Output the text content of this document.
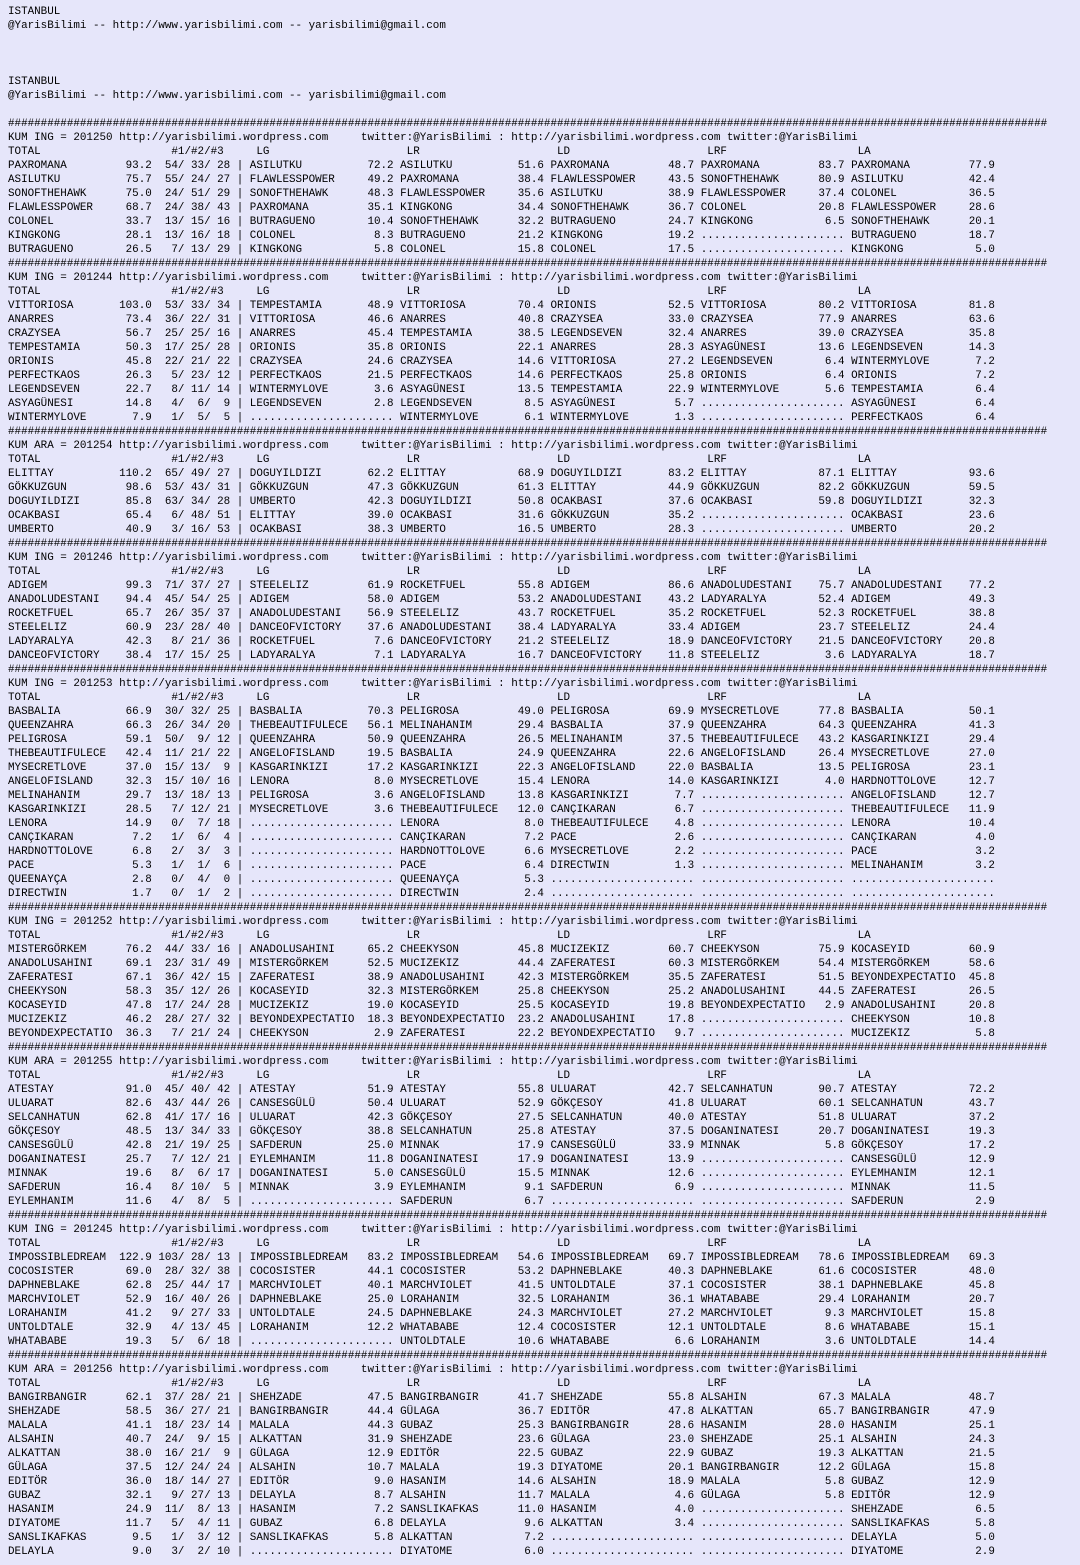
ISTANBUL
@YarisBilimi -- http://www.yarisbilimi.com -- yarisbilimi@gmail.com
ISTANBUL
@YarisBilimi -- http://www.yarisbilimi.com -- yarisbilimi@gmail.com
###############################################################################################################################################################
KUM ING = 201250 http://yarisbilimi.wordpress.com     twitter:@YarisBilimi : http://yarisbilimi.wordpress.com twitter:@YarisBilimi
TOTAL                    #1/#2/#3     LG                     LR                     LD                     LRF                    LA
PAXROMANA         93.2  54/ 33/ 28 | ASILUTKU          72.2 ASILUTKU          51.6 PAXROMANA         48.7 PAXROMANA         83.7 PAXROMANA         77.9
ASILUTKU          75.7  55/ 24/ 27 | FLAWLESSPOWER     49.2 PAXROMANA         38.4 FLAWLESSPOWER     43.5 SONOFTHEHAWK      80.9 ASILUTKU          42.4
SONOFTHEHAWK      75.0  24/ 51/ 29 | SONOFTHEHAWK      48.3 FLAWLESSPOWER     35.6 ASILUTKU          38.9 FLAWLESSPOWER     37.4 COLONEL           36.5
FLAWLESSPOWER     68.7  24/ 38/ 43 | PAXROMANA         35.1 KINGKONG          34.4 SONOFTHEHAWK      36.7 COLONEL           20.8 FLAWLESSPOWER     28.6
COLONEL           33.7  13/ 15/ 16 | BUTRAGUENO        10.4 SONOFTHEHAWK      32.2 BUTRAGUENO        24.7 KINGKONG           6.5 SONOFTHEHAWK      20.1
KINGKONG          28.1  13/ 16/ 18 | COLONEL            8.3 BUTRAGUENO        21.2 KINGKONG          19.2 ...................... BUTRAGUENO        18.7
BUTRAGUENO        26.5   7/ 13/ 29 | KINGKONG           5.8 COLONEL           15.8 COLONEL           17.5 ...................... KINGKONG           5.0
###############################################################################################################################################################
KUM ING = 201244 http://yarisbilimi.wordpress.com     twitter:@YarisBilimi : http://yarisbilimi.wordpress.com twitter:@YarisBilimi
TOTAL                    #1/#2/#3     LG                     LR                     LD                     LRF                    LA
VITTORIOSA       103.0  53/ 33/ 34 | TEMPESTAMIA       48.9 VITTORIOSA        70.4 ORIONIS           52.5 VITTORIOSA        80.2 VITTORIOSA        81.8
ANARRES           73.4  36/ 22/ 31 | VITTORIOSA        46.6 ANARRES           40.8 CRAZYSEA          33.0 CRAZYSEA          77.9 ANARRES           63.6
CRAZYSEA          56.7  25/ 25/ 16 | ANARRES           45.4 TEMPESTAMIA       38.5 LEGENDSEVEN       32.4 ANARRES           39.0 CRAZYSEA          35.8
TEMPESTAMIA       50.3  17/ 25/ 28 | ORIONIS           35.8 ORIONIS           22.1 ANARRES           28.3 ASYAGÜNESI        13.6 LEGENDSEVEN       14.3
ORIONIS           45.8  22/ 21/ 22 | CRAZYSEA          24.6 CRAZYSEA          14.6 VITTORIOSA        27.2 LEGENDSEVEN        6.4 WINTERMYLOVE       7.2
PERFECTKAOS       26.3   5/ 23/ 12 | PERFECTKAOS       21.5 PERFECTKAOS       14.6 PERFECTKAOS       25.8 ORIONIS            6.4 ORIONIS            7.2
LEGENDSEVEN       22.7   8/ 11/ 14 | WINTERMYLOVE       3.6 ASYAGÜNESI        13.5 TEMPESTAMIA       22.9 WINTERMYLOVE       5.6 TEMPESTAMIA        6.4
ASYAGÜNESI        14.8   4/  6/  9 | LEGENDSEVEN        2.8 LEGENDSEVEN        8.5 ASYAGÜNESI         5.7 ...................... ASYAGÜNESI         6.4
WINTERMYLOVE       7.9   1/  5/  5 | ...................... WINTERMYLOVE       6.1 WINTERMYLOVE       1.3 ...................... PERFECTKAOS        6.4
###############################################################################################################################################################
KUM ARA = 201254 http://yarisbilimi.wordpress.com     twitter:@YarisBilimi : http://yarisbilimi.wordpress.com twitter:@YarisBilimi
TOTAL                    #1/#2/#3     LG                     LR                     LD                     LRF                    LA
ELITTAY          110.2  65/ 49/ 27 | DOGUYILDIZI       62.2 ELITTAY           68.9 DOGUYILDIZI       83.2 ELITTAY           87.1 ELITTAY           93.6
GÖKKUZGUN         98.6  53/ 43/ 31 | GÖKKUZGUN         47.3 GÖKKUZGUN         61.3 ELITTAY           44.9 GÖKKUZGUN         82.2 GÖKKUZGUN         59.5
DOGUYILDIZI       85.8  63/ 34/ 28 | UMBERTO           42.3 DOGUYILDIZI       50.8 OCAKBASI          37.6 OCAKBASI          59.8 DOGUYILDIZI       32.3
OCAKBASI          65.4   6/ 48/ 51 | ELITTAY           39.0 OCAKBASI          31.6 GÖKKUZGUN         35.2 ...................... OCAKBASI          23.6
UMBERTO           40.9   3/ 16/ 53 | OCAKBASI          38.3 UMBERTO           16.5 UMBERTO           28.3 ...................... UMBERTO           20.2
###############################################################################################################################################################
KUM ING = 201246 http://yarisbilimi.wordpress.com     twitter:@YarisBilimi : http://yarisbilimi.wordpress.com twitter:@YarisBilimi
TOTAL                    #1/#2/#3     LG                     LR                     LD                     LRF                    LA
ADIGEM            99.3  71/ 37/ 27 | STEELELIZ         61.9 ROCKETFUEL        55.8 ADIGEM            86.6 ANADOLUDESTANI    75.7 ANADOLUDESTANI    77.2
ANADOLUDESTANI    94.4  45/ 54/ 25 | ADIGEM            58.0 ADIGEM            53.2 ANADOLUDESTANI    43.2 LADYARALYA        52.4 ADIGEM            49.3
ROCKETFUEL        65.7  26/ 35/ 37 | ANADOLUDESTANI    56.9 STEELELIZ         43.7 ROCKETFUEL        35.2 ROCKETFUEL        52.3 ROCKETFUEL        38.8
STEELELIZ         60.9  23/ 28/ 40 | DANCEOFVICTORY    37.6 ANADOLUDESTANI    38.4 LADYARALYA        33.4 ADIGEM            23.7 STEELELIZ         24.4
LADYARALYA        42.3   8/ 21/ 36 | ROCKETFUEL         7.6 DANCEOFVICTORY    21.2 STEELELIZ         18.9 DANCEOFVICTORY    21.5 DANCEOFVICTORY    20.8
DANCEOFVICTORY    38.4  17/ 15/ 25 | LADYARALYA         7.1 LADYARALYA        16.7 DANCEOFVICTORY    11.8 STEELELIZ          3.6 LADYARALYA        18.7
###############################################################################################################################################################
KUM ING = 201253 http://yarisbilimi.wordpress.com     twitter:@YarisBilimi : http://yarisbilimi.wordpress.com twitter:@YarisBilimi
TOTAL                    #1/#2/#3     LG                     LR                     LD                     LRF                    LA
BASBALIA          66.9  30/ 32/ 25 | BASBALIA          70.3 PELIGROSA         49.0 PELIGROSA         69.9 MYSECRETLOVE      77.8 BASBALIA          50.1
QUEENZAHRA        66.3  26/ 34/ 20 | THEBEAUTIFULECE   56.1 MELINAHANIM       29.4 BASBALIA          37.9 QUEENZAHRA        64.3 QUEENZAHRA        41.3
PELIGROSA         59.1  50/  9/ 12 | QUEENZAHRA        50.9 QUEENZAHRA        26.5 MELINAHANIM       37.5 THEBEAUTIFULECE   43.2 KASGARINKIZI      29.4
THEBEAUTIFULECE   42.4  11/ 21/ 22 | ANGELOFISLAND     19.5 BASBALIA          24.9 QUEENZAHRA        22.6 ANGELOFISLAND     26.4 MYSECRETLOVE      27.0
MYSECRETLOVE      37.0  15/ 13/  9 | KASGARINKIZI      17.2 KASGARINKIZI      22.3 ANGELOFISLAND     22.0 BASBALIA          13.5 PELIGROSA         23.1
ANGELOFISLAND     32.3  15/ 10/ 16 | LENORA             8.0 MYSECRETLOVE      15.4 LENORA            14.0 KASGARINKIZI       4.0 HARDNOTTOLOVE     12.7
MELINAHANIM       29.7  13/ 18/ 13 | PELIGROSA          3.6 ANGELOFISLAND     13.8 KASGARINKIZI       7.7 ...................... ANGELOFISLAND     12.7
KASGARINKIZI      28.5   7/ 12/ 21 | MYSECRETLOVE       3.6 THEBEAUTIFULECE   12.0 CANÇIKARAN         6.7 ...................... THEBEAUTIFULECE   11.9
LENORA            14.9   0/  7/ 18 | ...................... LENORA             8.0 THEBEAUTIFULECE    4.8 ...................... LENORA            10.4
CANÇIKARAN         7.2   1/  6/  4 | ...................... CANÇIKARAN         7.2 PACE               2.6 ...................... CANÇIKARAN         4.0
HARDNOTTOLOVE      6.8   2/  3/  3 | ...................... HARDNOTTOLOVE      6.6 MYSECRETLOVE       2.2 ...................... PACE               3.2
PACE               5.3   1/  1/  6 | ...................... PACE               6.4 DIRECTWIN          1.3 ...................... MELINAHANIM        3.2
QUEENAYÇA          2.8   0/  4/  0 | ...................... QUEENAYÇA          5.3 ...................... ...................... ......................
DIRECTWIN          1.7   0/  1/  2 | ...................... DIRECTWIN          2.4 ...................... ...................... ......................
###############################################################################################################################################################
KUM ING = 201252 http://yarisbilimi.wordpress.com     twitter:@YarisBilimi : http://yarisbilimi.wordpress.com twitter:@YarisBilimi
TOTAL                    #1/#2/#3     LG                     LR                     LD                     LRF                    LA
MISTERGÖRKEM      76.2  44/ 33/ 16 | ANADOLUSAHINI     65.2 CHEEKYSON         45.8 MUCIZEKIZ         60.7 CHEEKYSON         75.9 KOCASEYID         60.9
ANADOLUSAHINI     69.1  23/ 31/ 49 | MISTERGÖRKEM      52.5 MUCIZEKIZ         44.4 ZAFERATESI        60.3 MISTERGÖRKEM      54.4 MISTERGÖRKEM      58.6
ZAFERATESI        67.1  36/ 42/ 15 | ZAFERATESI        38.9 ANADOLUSAHINI     42.3 MISTERGÖRKEM      35.5 ZAFERATESI        51.5 BEYONDEXPECTATIO  45.8
CHEEKYSON         58.3  35/ 12/ 26 | KOCASEYID         32.3 MISTERGÖRKEM      25.8 CHEEKYSON         25.2 ANADOLUSAHINI     44.5 ZAFERATESI        26.5
KOCASEYID         47.8  17/ 24/ 28 | MUCIZEKIZ         19.0 KOCASEYID         25.5 KOCASEYID         19.8 BEYONDEXPECTATIO   2.9 ANADOLUSAHINI     20.8
MUCIZEKIZ         46.2  28/ 27/ 32 | BEYONDEXPECTATIO  18.3 BEYONDEXPECTATIO  23.2 ANADOLUSAHINI     17.8 ...................... CHEEKYSON         10.8
BEYONDEXPECTATIO  36.3   7/ 21/ 24 | CHEEKYSON          2.9 ZAFERATESI        22.2 BEYONDEXPECTATIO   9.7 ...................... MUCIZEKIZ          5.8
###############################################################################################################################################################
KUM ARA = 201255 http://yarisbilimi.wordpress.com     twitter:@YarisBilimi : http://yarisbilimi.wordpress.com twitter:@YarisBilimi
TOTAL                    #1/#2/#3     LG                     LR                     LD                     LRF                    LA
ATESTAY           91.0  45/ 40/ 42 | ATESTAY           51.9 ATESTAY           55.8 ULUARAT           42.7 SELCANHATUN       90.7 ATESTAY           72.2
ULUARAT           82.6  43/ 44/ 26 | CANSESGÜLÜ        50.4 ULUARAT           52.9 GÖKÇESOY          41.8 ULUARAT           60.1 SELCANHATUN       43.7
SELCANHATUN       62.8  41/ 17/ 16 | ULUARAT           42.3 GÖKÇESOY          27.5 SELCANHATUN       40.0 ATESTAY           51.8 ULUARAT           37.2
GÖKÇESOY          48.5  13/ 34/ 33 | GÖKÇESOY          38.8 SELCANHATUN       25.8 ATESTAY           37.5 DOGANINATESI      20.7 DOGANINATESI      19.3
CANSESGÜLÜ        42.8  21/ 19/ 25 | SAFDERUN          25.0 MINNAK            17.9 CANSESGÜLÜ        33.9 MINNAK             5.8 GÖKÇESOY          17.2
DOGANINATESI      25.7   7/ 12/ 21 | EYLEMHANIM        11.8 DOGANINATESI      17.9 DOGANINATESI      13.9 ...................... CANSESGÜLÜ        12.9
MINNAK            19.6   8/  6/ 17 | DOGANINATESI       5.0 CANSESGÜLÜ        15.5 MINNAK            12.6 ...................... EYLEMHANIM        12.1
SAFDERUN          16.4   8/ 10/  5 | MINNAK             3.9 EYLEMHANIM         9.1 SAFDERUN           6.9 ...................... MINNAK            11.5
EYLEMHANIM        11.6   4/  8/  5 | ...................... SAFDERUN           6.7 ...................... ...................... SAFDERUN           2.9
###############################################################################################################################################################
KUM ING = 201245 http://yarisbilimi.wordpress.com     twitter:@YarisBilimi : http://yarisbilimi.wordpress.com twitter:@YarisBilimi
TOTAL                    #1/#2/#3     LG                     LR                     LD                     LRF                    LA
IMPOSSIBLEDREAM  122.9 103/ 28/ 13 | IMPOSSIBLEDREAM   83.2 IMPOSSIBLEDREAM   54.6 IMPOSSIBLEDREAM   69.7 IMPOSSIBLEDREAM   78.6 IMPOSSIBLEDREAM   69.3
COCOSISTER        69.0  28/ 32/ 38 | COCOSISTER        44.1 COCOSISTER        53.2 DAPHNEBLAKE       40.3 DAPHNEBLAKE       61.6 COCOSISTER        48.0
DAPHNEBLAKE       62.8  25/ 44/ 17 | MARCHVIOLET       40.1 MARCHVIOLET       41.5 UNTOLDTALE        37.1 COCOSISTER        38.1 DAPHNEBLAKE       45.8
MARCHVIOLET       52.9  16/ 40/ 26 | DAPHNEBLAKE       25.0 LORAHANIM         32.5 LORAHANIM         36.1 WHATABABE         29.4 LORAHANIM         20.7
LORAHANIM         41.2   9/ 27/ 33 | UNTOLDTALE        24.5 DAPHNEBLAKE       24.3 MARCHVIOLET       27.2 MARCHVIOLET        9.3 MARCHVIOLET       15.8
UNTOLDTALE        32.9   4/ 13/ 45 | LORAHANIM         12.2 WHATABABE         12.4 COCOSISTER        12.1 UNTOLDTALE         8.6 WHATABABE         15.1
WHATABABE         19.3   5/  6/ 18 | ...................... UNTOLDTALE        10.6 WHATABABE          6.6 LORAHANIM          3.6 UNTOLDTALE        14.4
###############################################################################################################################################################
KUM ARA = 201256 http://yarisbilimi.wordpress.com     twitter:@YarisBilimi : http://yarisbilimi.wordpress.com twitter:@YarisBilimi
TOTAL                    #1/#2/#3     LG                     LR                     LD                     LRF                    LA
BANGIRBANGIR      62.1  37/ 28/ 21 | SHEHZADE          47.5 BANGIRBANGIR      41.7 SHEHZADE          55.8 ALSAHIN           67.3 MALALA            48.7
SHEHZADE          58.5  36/ 27/ 21 | BANGIRBANGIR      44.4 GÜLAGA            36.7 EDITÖR            47.8 ALKATTAN          65.7 BANGIRBANGIR      47.9
MALALA            41.1  18/ 23/ 14 | MALALA            44.3 GUBAZ             25.3 BANGIRBANGIR      28.6 HASANIM           28.0 HASANIM           25.1
ALSAHIN           40.7  24/  9/ 15 | ALKATTAN          31.9 SHEHZADE          23.6 GÜLAGA            23.0 SHEHZADE          25.1 ALSAHIN           24.3
ALKATTAN          38.0  16/ 21/  9 | GÜLAGA            12.9 EDITÖR            22.5 GUBAZ             22.9 GUBAZ             19.3 ALKATTAN          21.5
GÜLAGA            37.5  12/ 24/ 24 | ALSAHIN           10.7 MALALA            19.3 DIYATOME          20.1 BANGIRBANGIR      12.2 GÜLAGA            15.8
EDITÖR            36.0  18/ 14/ 27 | EDITÖR             9.0 HASANIM           14.6 ALSAHIN           18.9 MALALA             5.8 GUBAZ             12.9
GUBAZ             32.1   9/ 27/ 13 | DELAYLA            8.7 ALSAHIN           11.7 MALALA             4.6 GÜLAGA             5.8 EDITÖR            12.9
HASANIM           24.9  11/  8/ 13 | HASANIM            7.2 SANSLIKAFKAS      11.0 HASANIM            4.0 ...................... SHEHZADE           6.5
DIYATOME          11.7   5/  4/ 11 | GUBAZ              6.8 DELAYLA            9.6 ALKATTAN           3.4 ...................... SANSLIKAFKAS       5.8
SANSLIKAFKAS       9.5   1/  3/ 12 | SANSLIKAFKAS       5.8 ALKATTAN           7.2 ...................... ...................... DELAYLA            5.0
DELAYLA            9.0   3/  2/ 10 | ...................... DIYATOME           6.0 ...................... ...................... DIYATOME           2.9
